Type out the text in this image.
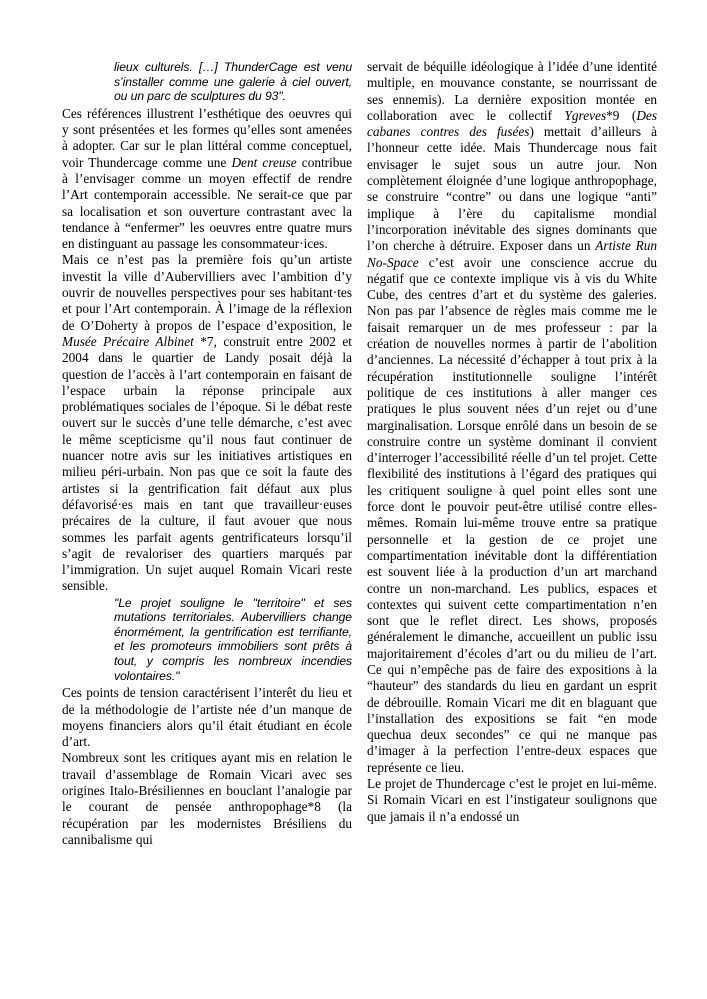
lieux culturels. […] ThunderCage est venu s’installer comme une galerie à ciel ouvert, ou un parc de sculptures du 93".

Ces références illustrent l’esthétique des oeuvres qui y sont présentées et les formes qu’elles sont amenées à adopter. Car sur le plan littéral comme conceptuel, voir Thundercage comme une Dent creuse contribue à l’envisager comme un moyen effectif de rendre l’Art contemporain accessible. Ne serait-ce que par sa localisation et son ouverture contrastant avec la tendance à “enfermer” les oeuvres entre quatre murs en distinguant au passage les consommateur·ices.

Mais ce n’est pas la première fois qu’un artiste investit la ville d’Aubervilliers avec l’ambition d’y ouvrir de nouvelles perspectives pour ses habitant·tes et pour l’Art contemporain. À l’image de la réflexion de O’Doherty à propos de l’espace d’exposition, le Musée Précaire Albinet *7, construit entre 2002 et 2004 dans le quartier de Landy posait déjà la question de l’accès à l’art contemporain en faisant de l’espace urbain la réponse principale aux problématiques sociales de l’époque. Si le débat reste ouvert sur le succès d’une telle démarche, c’est avec le même scepticisme qu’il nous faut continuer de nuancer notre avis sur les initiatives artistiques en milieu péri-urbain. Non pas que ce soit la faute des artistes si la gentrification fait défaut aux plus défavorisé·es mais en tant que travailleur·euses précaires de la culture, il faut avouer que nous sommes les parfait agents gentrificateurs lorsqu’il s’agit de revaloriser des quartiers marqués par l’immigration. Un sujet auquel Romain Vicari reste sensible.

"Le projet souligne le "territoire" et ses mutations territoriales. Aubervilliers change énormément, la gentrification est terrifiante, et les promoteurs immobiliers sont prêts à tout, y compris les nombreux incendies volontaires."

Ces points de tension caractérisent l’interêt du lieu et de la méthodologie de l’artiste née d’un manque de moyens financiers alors qu’il était étudiant en école d’art.

Nombreux sont les critiques ayant mis en relation le travail d’assemblage de Romain Vicari avec ses origines Italo-Brésiliennes en bouclant l’analogie par le courant de pensée anthropophage*8 (la récupération par les modernistes Brésiliens du cannibalisme qui

servait de béquille idéologique à l’idée d’une identité multiple, en mouvance constante, se nourrissant de ses ennemis). La dernière exposition montée en collaboration avec le collectif Ygreves*9 (Des cabanes contres des fusées) mettait d’ailleurs à l’honneur cette idée. Mais Thundercage nous fait envisager le sujet sous un autre jour. Non complètement éloignée d’une logique anthropophage, se construire “contre” ou dans une logique “anti” implique à l’ère du capitalisme mondial l’incorporation inévitable des signes dominants que l’on cherche à détruire. Exposer dans un Artiste Run No-Space c’est avoir une conscience accrue du négatif que ce contexte implique vis à vis du White Cube, des centres d’art et du système des galeries. Non pas par l’absence de règles mais comme me le faisait remarquer un de mes professeur : par la création de nouvelles normes à partir de l’abolition d’anciennes. La nécessité d’échapper à tout prix à la récupération institutionnelle souligne l’intérêt politique de ces institutions à aller manger ces pratiques le plus souvent nées d’un rejet ou d’une marginalisation. Lorsque enrôlé dans un besoin de se construire contre un système dominant il convient d’interroger l’accessibilité réelle d’un tel projet. Cette flexibilité des institutions à l’égard des pratiques qui les critiquent souligne à quel point elles sont une force dont le pouvoir peut-être utilisé contre elles-mêmes. Romain lui-même trouve entre sa pratique personnelle et la gestion de ce projet une compartimentation inévitable dont la différentiation est souvent liée à la production d’un art marchand contre un non-marchand. Les publics, espaces et contextes qui suivent cette compartimentation n’en sont que le reflet direct. Les shows, proposés généralement le dimanche, accueillent un public issu majoritairement d’écoles d’art ou du milieu de l’art. Ce qui n’empêche pas de faire des expositions à la “hauteur” des standards du lieu en gardant un esprit de débrouille. Romain Vicari me dit en blaguant que l’installation des expositions se fait “en mode quechua deux secondes” ce qui ne manque pas d’imager à la perfection l’entre-deux espaces que représente ce lieu.

Le projet de Thundercage c’est le projet en lui-même. Si Romain Vicari en est l’instigateur soulignons que que jamais il n’a endossé un
